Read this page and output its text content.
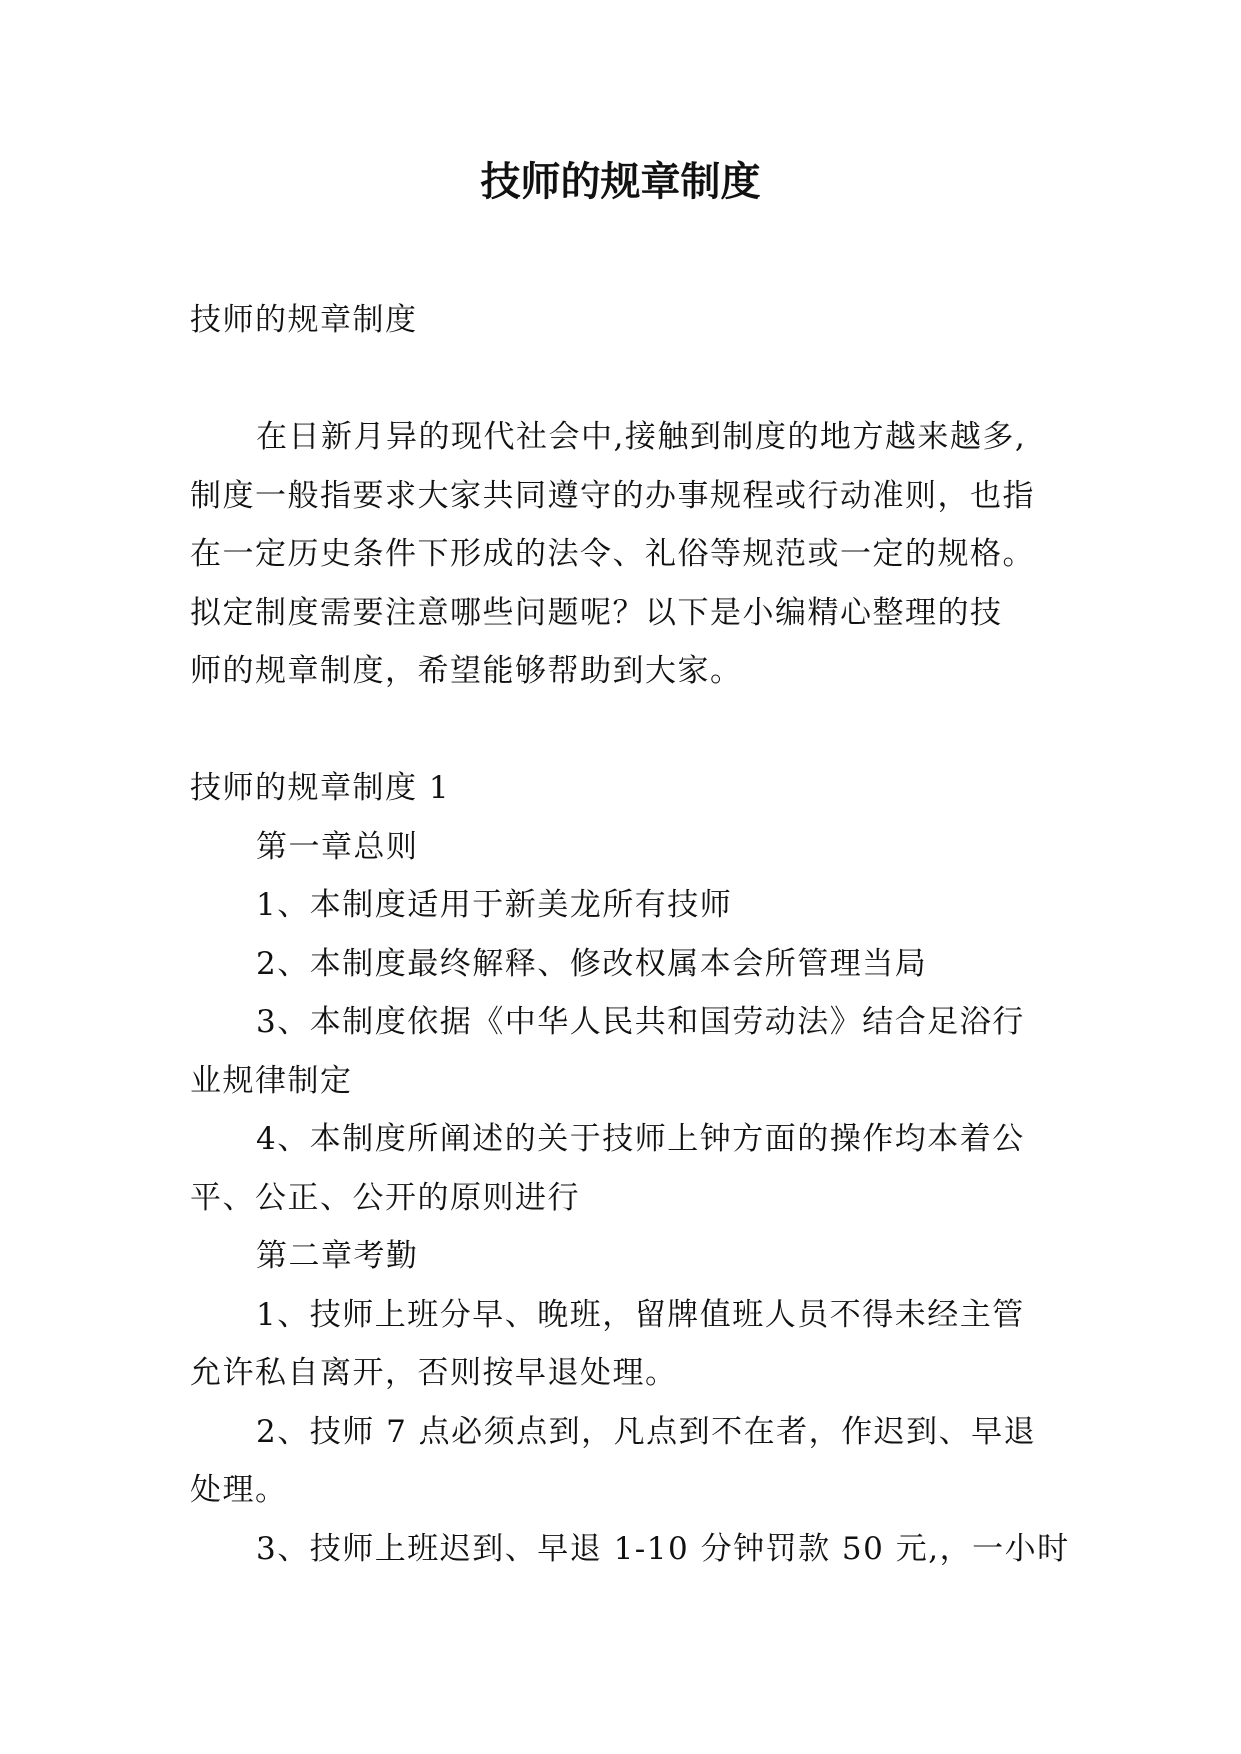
技师的规章制度

技师的规章制度

在日新月异的现代社会中,接触到制度的地方越来越多,

制度一般指要求大家共同遵守的办事规程或行动准则，也指

在一定历史条件下形成的法令、礼俗等规范或一定的规格。

拟定制度需要注意哪些问题呢？以下是小编精心整理的技

师的规章制度，希望能够帮助到大家。

技师的规章制度 1

第一章总则

1、本制度适用于新美龙所有技师

2、本制度最终解释、修改权属本会所管理当局

3、本制度依据《中华人民共和国劳动法》结合足浴行

业规律制定

4、本制度所阐述的关于技师上钟方面的操作均本着公

平、公正、公开的原则进行

第二章考勤

1、技师上班分早、晚班，留牌值班人员不得未经主管

允许私自离开，否则按早退处理。

2、技师 7 点必须点到，凡点到不在者，作迟到、早退

处理。

3、技师上班迟到、早退 1-10 分钟罚款 50 元,，一小时
